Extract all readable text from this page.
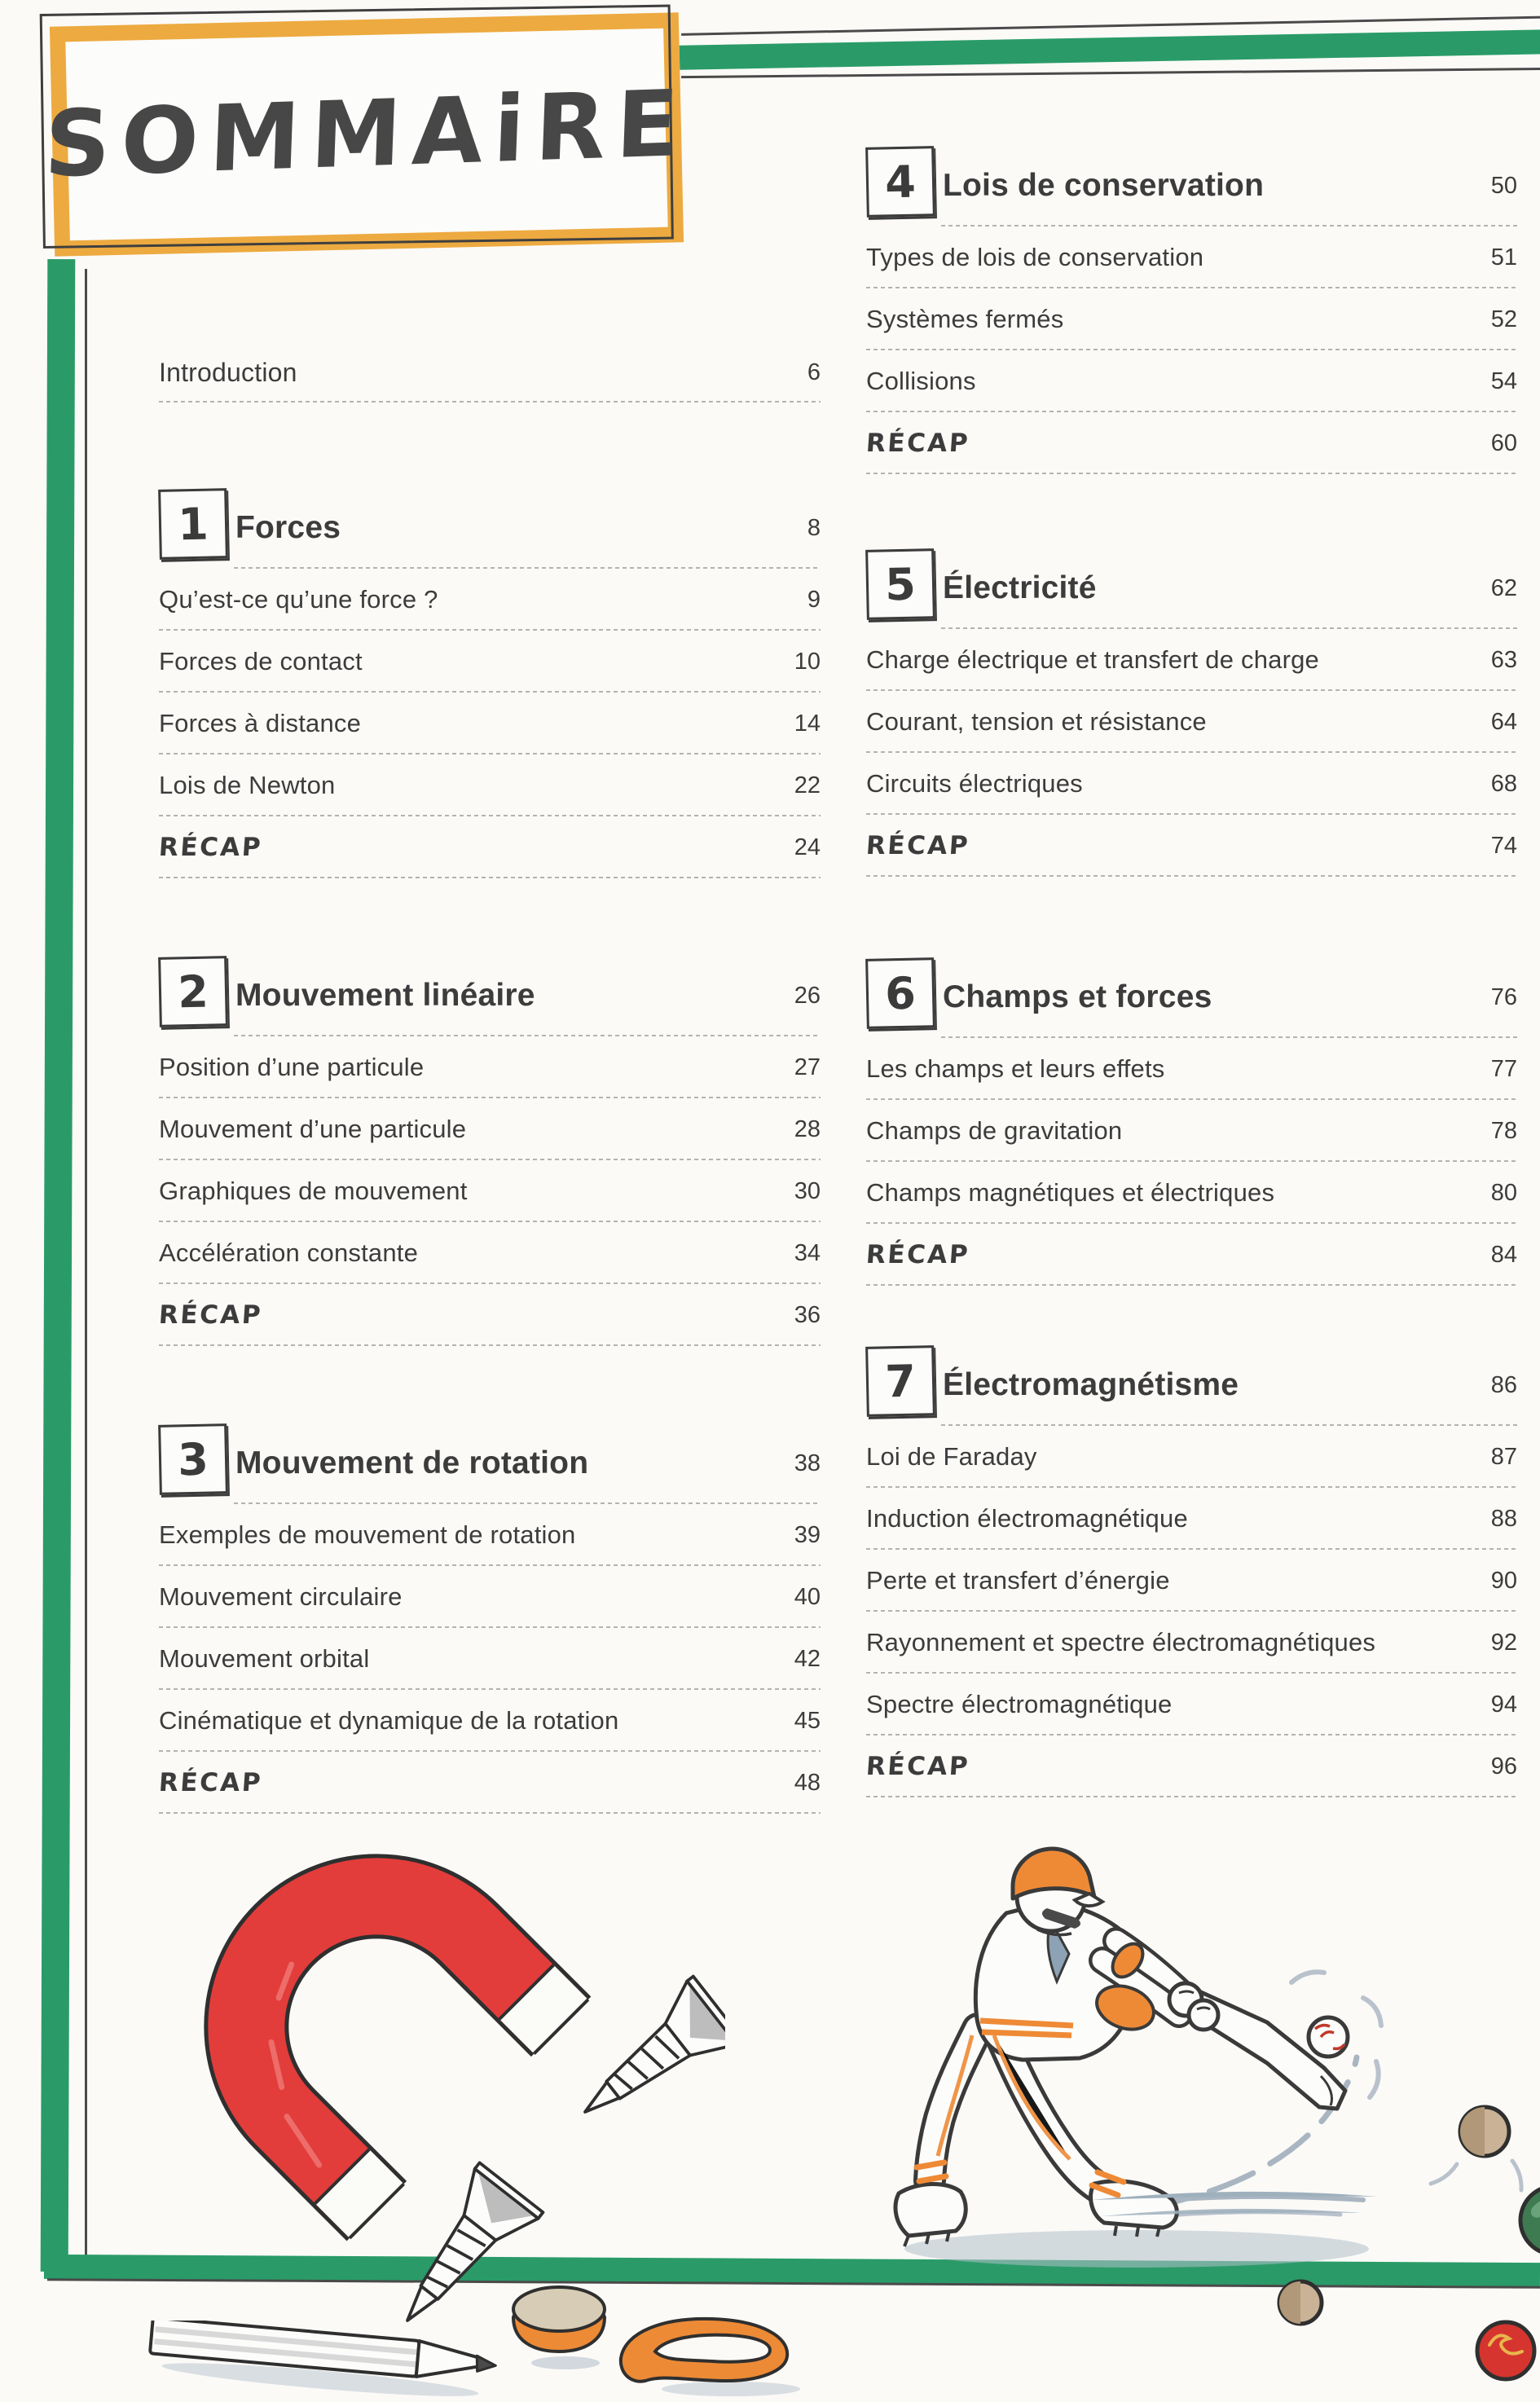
SOMMAiRE
Introduction	6
1 Forces	8
Qu’est-ce qu’une force ?	9
Forces de contact	10
Forces à distance	14
Lois de Newton	22
RÉCAP	24
2 Mouvement linéaire	26
Position d’une particule	27
Mouvement d’une particule	28
Graphiques de mouvement	30
Accélération constante	34
RÉCAP	36
3 Mouvement de rotation	38
Exemples de mouvement de rotation	39
Mouvement circulaire	40
Mouvement orbital	42
Cinématique et dynamique de la rotation	45
RÉCAP	48
4 Lois de conservation	50
Types de lois de conservation	51
Systèmes fermés	52
Collisions	54
RÉCAP	60
5 Électricité	62
Charge électrique et transfert de charge	63
Courant, tension et résistance	64
Circuits électriques	68
RÉCAP	74
6 Champs et forces	76
Les champs et leurs effets	77
Champs de gravitation	78
Champs magnétiques et électriques	80
RÉCAP	84
7 Électromagnétisme	86
Loi de Faraday	87
Induction électromagnétique	88
Perte et transfert d’énergie	90
Rayonnement et spectre électromagnétiques	92
Spectre électromagnétique	94
RÉCAP	96
